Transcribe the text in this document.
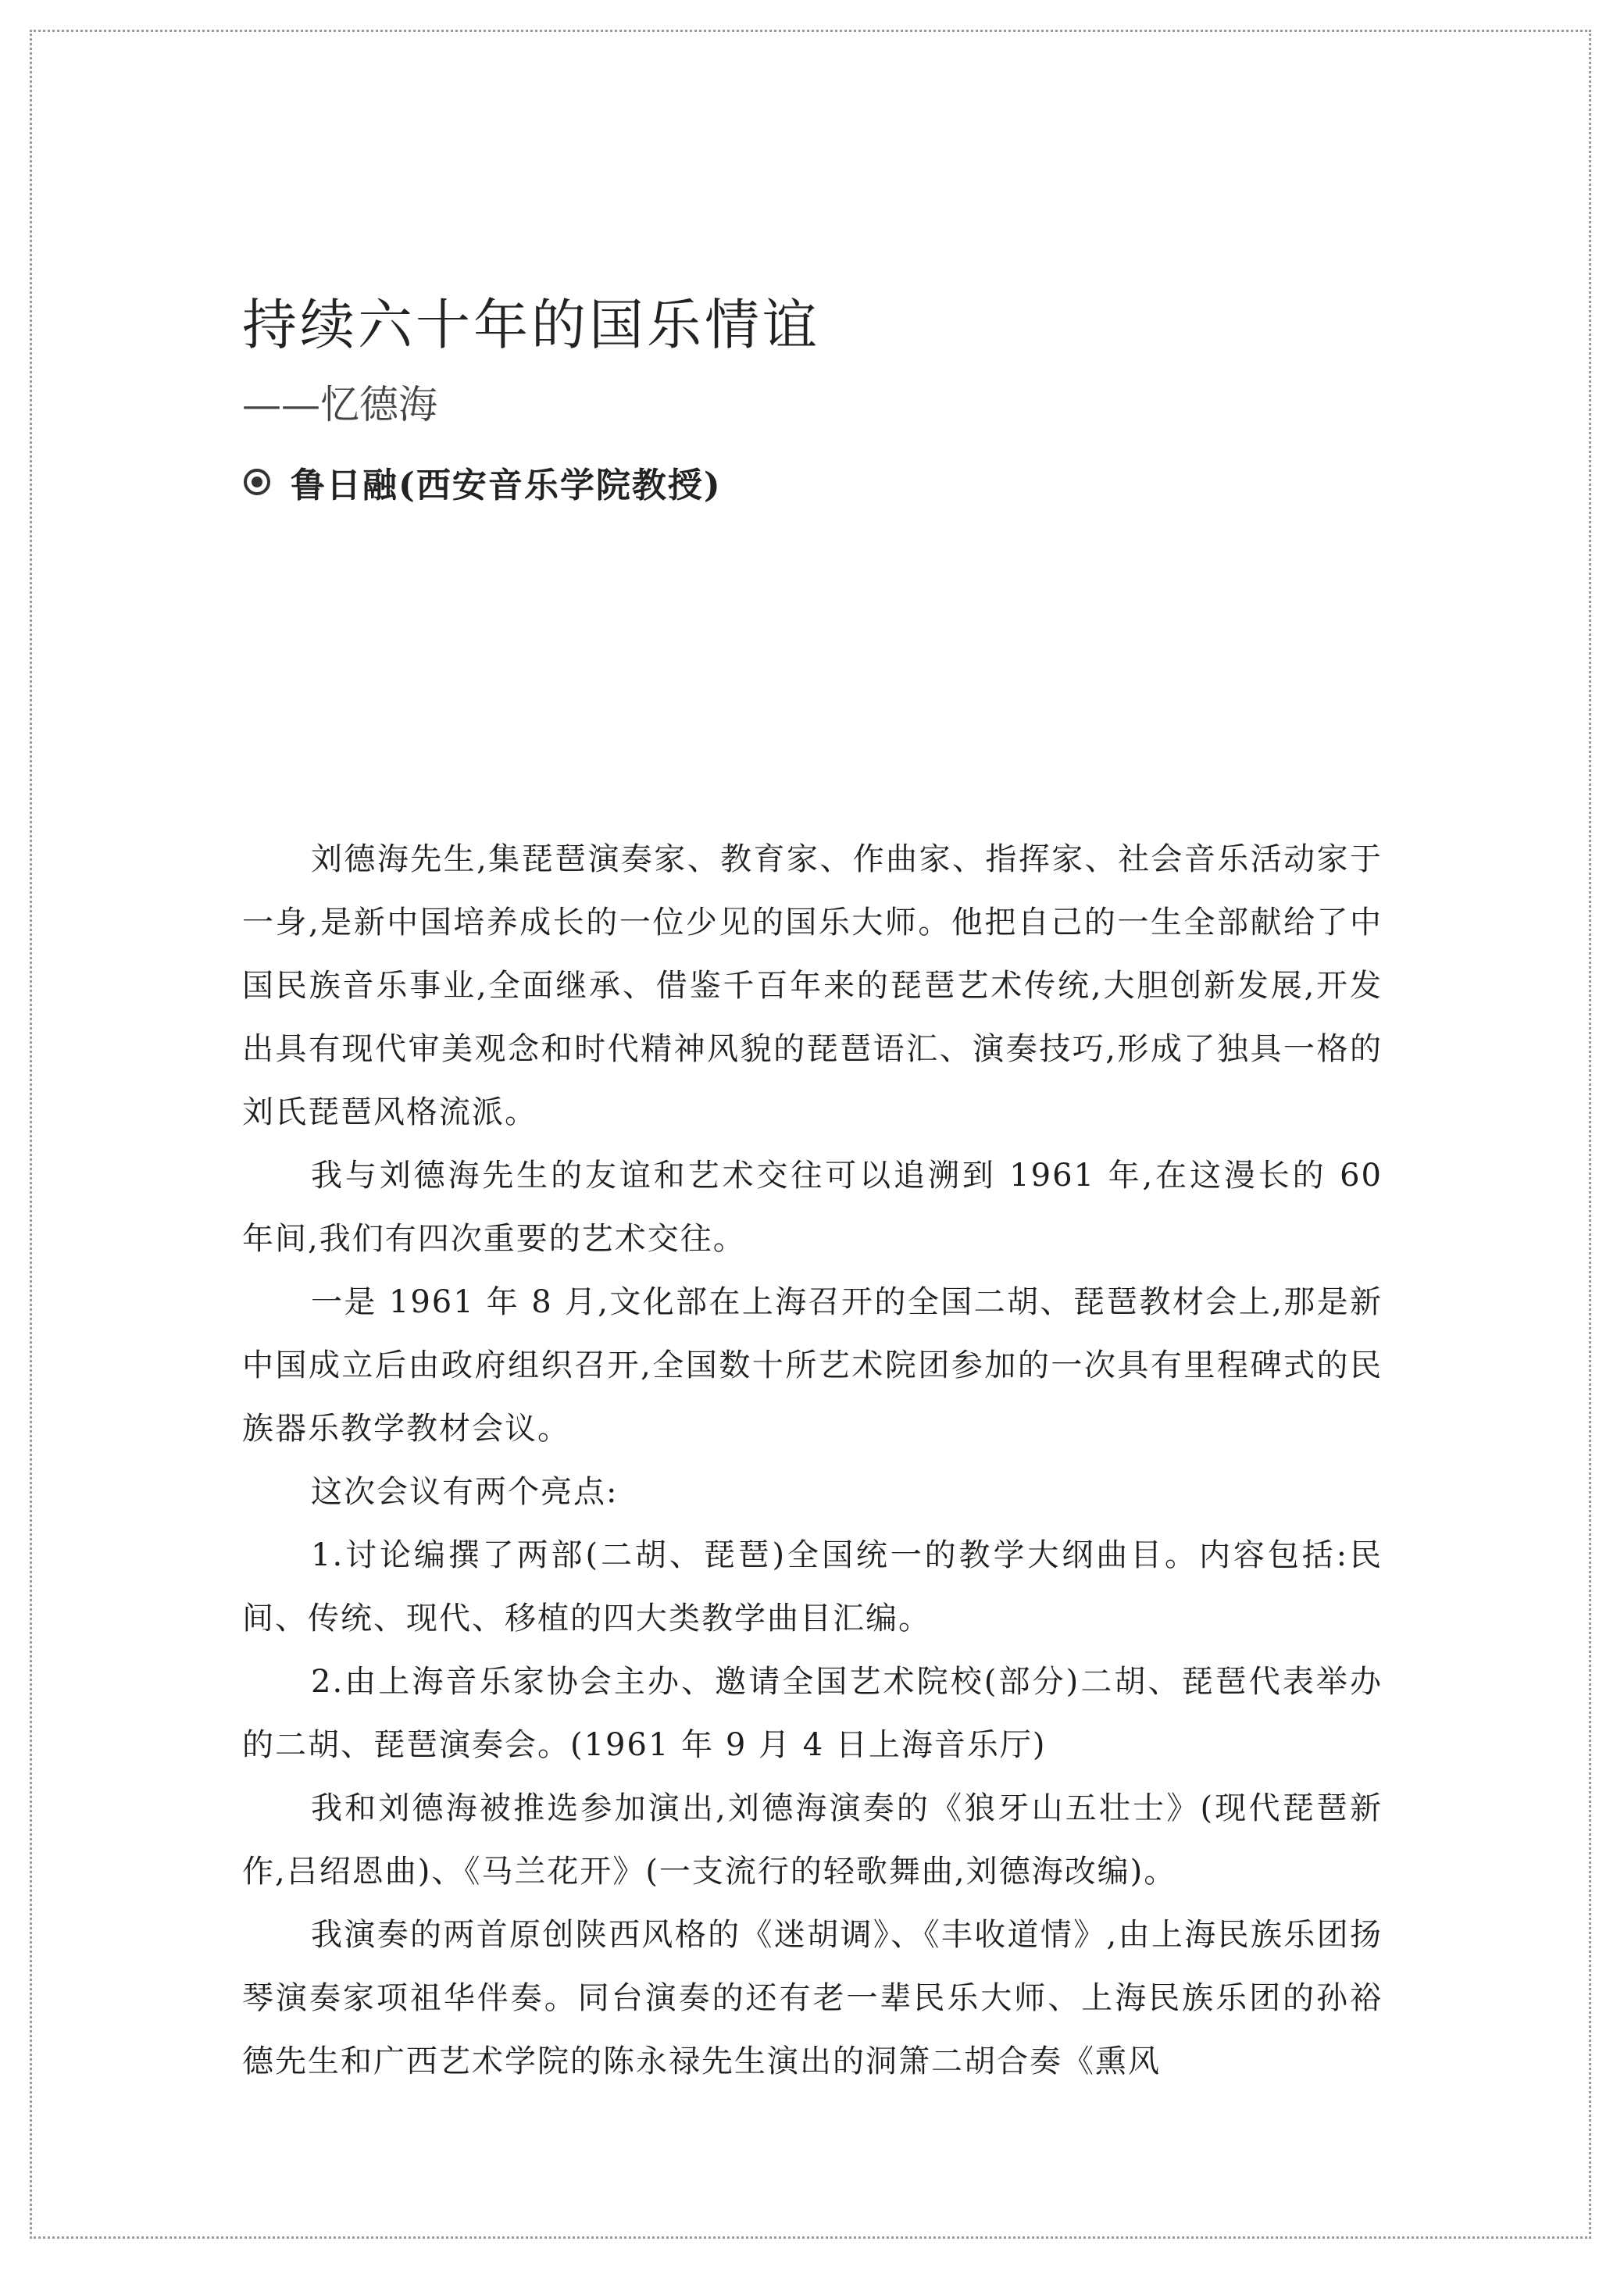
持续六十年的国乐情谊
——忆德海
鲁日融(西安音乐学院教授)

刘德海先生,集琵琶演奏家、教育家、作曲家、指挥家、社会音乐活动家于一身,是新中国培养成长的一位少见的国乐大师。他把自己的一生全部献给了中国民族音乐事业,全面继承、借鉴千百年来的琵琶艺术传统,大胆创新发展,开发出具有现代审美观念和时代精神风貌的琵琶语汇、演奏技巧,形成了独具一格的刘氏琵琶风格流派。

我与刘德海先生的友谊和艺术交往可以追溯到 1961 年,在这漫长的 60 年间,我们有四次重要的艺术交往。

一是 1961 年 8 月,文化部在上海召开的全国二胡、琵琶教材会上,那是新中国成立后由政府组织召开,全国数十所艺术院团参加的一次具有里程碑式的民族器乐教学教材会议。

这次会议有两个亮点:

1.讨论编撰了两部(二胡、琵琶)全国统一的教学大纲曲目。内容包括:民间、传统、现代、移植的四大类教学曲目汇编。

2.由上海音乐家协会主办、邀请全国艺术院校(部分)二胡、琵琶代表举办的二胡、琵琶演奏会。(1961 年 9 月 4 日上海音乐厅)

我和刘德海被推选参加演出,刘德海演奏的《狼牙山五壮士》(现代琵琶新作,吕绍恩曲)、《马兰花开》(一支流行的轻歌舞曲,刘德海改编)。

我演奏的两首原创陕西风格的《迷胡调》、《丰收道情》,由上海民族乐团扬琴演奏家项祖华伴奏。同台演奏的还有老一辈民乐大师、上海民族乐团的孙裕德先生和广西艺术学院的陈永禄先生演出的洞箫二胡合奏《熏风
